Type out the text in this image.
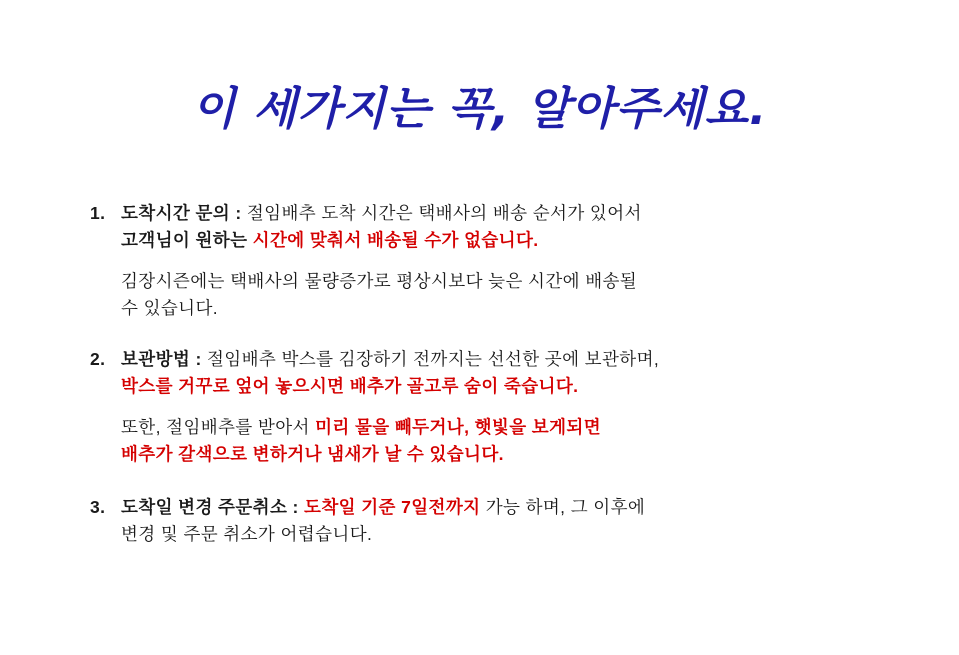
이 세가지는 꼭, 알아주세요.
1. 도착시간 문의 : 절임배추 도착 시간은 택배사의 배송 순서가 있어서
고객님이 원하는 시간에 맞춰서 배송될 수가 없습니다.
김장시즌에는 택배사의 물량증가로 평상시보다 늦은 시간에 배송될
수 있습니다.
2. 보관방법 : 절임배추 박스를 김장하기 전까지는 선선한 곳에 보관하며,
박스를 거꾸로 엎어 놓으시면 배추가 골고루 숨이 죽습니다.
또한, 절임배추를 받아서 미리 물을 빼두거나, 햇빛을 보게되면
배추가 갈색으로 변하거나 냄새가 날 수 있습니다.
3. 도착일 변경 주문취소 : 도착일 기준 7일전까지 가능 하며, 그 이후에
변경 및 주문 취소가 어렵습니다.
